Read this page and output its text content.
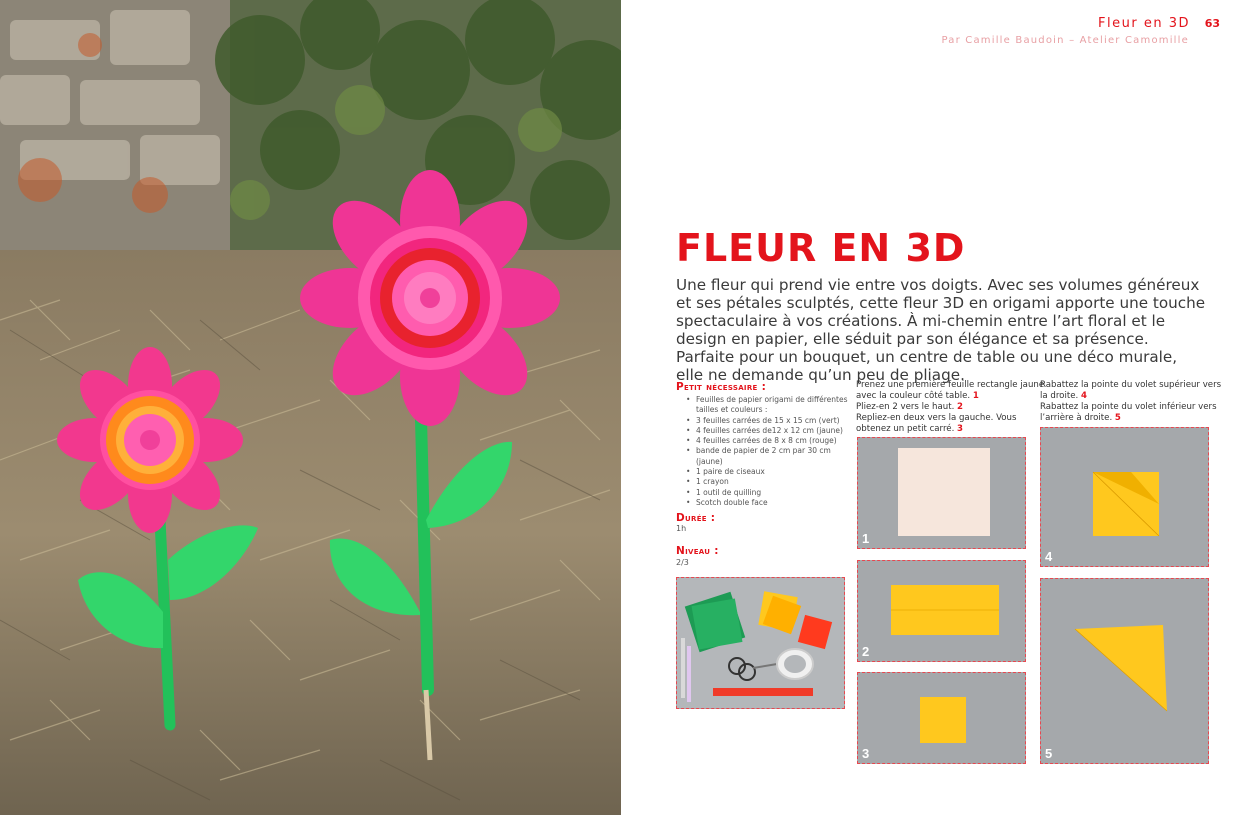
Fleur en 3D 63
Par Camille Baudoin – Atelier Camomille
FLEUR EN 3D

Une fleur qui prend vie entre vos doigts. Avec ses volumes généreux et ses pétales sculptés, cette fleur 3D en origami apporte une touche spectaculaire à vos créations. À mi-chemin entre l’art floral et le design en papier, elle séduit par son élégance et sa présence. Parfaite pour un bouquet, un centre de table ou une déco murale, elle ne demande qu’un peu de pliage.

Petit nécessaire :
• Feuilles de papier origami de différentes tailles et couleurs :
• 3 feuilles carrées de 15 x 15 cm (vert)
• 4 feuilles carrées de12 x 12 cm (jaune)
• 4 feuilles carrées de 8 x 8 cm (rouge)
• bande de papier de 2 cm par 30 cm (jaune)
• 1 paire de ciseaux
• 1 crayon
• 1 outil de quilling
• Scotch double face
Durée :
1h
Niveau :
2/3
Prenez une première feuille rectangle jaune
avec la couleur côté table. 1
Pliez-en 2 vers le haut. 2
Repliez-en deux vers la gauche. Vous
obtenez un petit carré. 3
Rabattez la pointe du volet supérieur vers
la droite. 4
Rabattez la pointe du volet inférieur vers
l’arrière à droite. 5
1
2
3
4
5
